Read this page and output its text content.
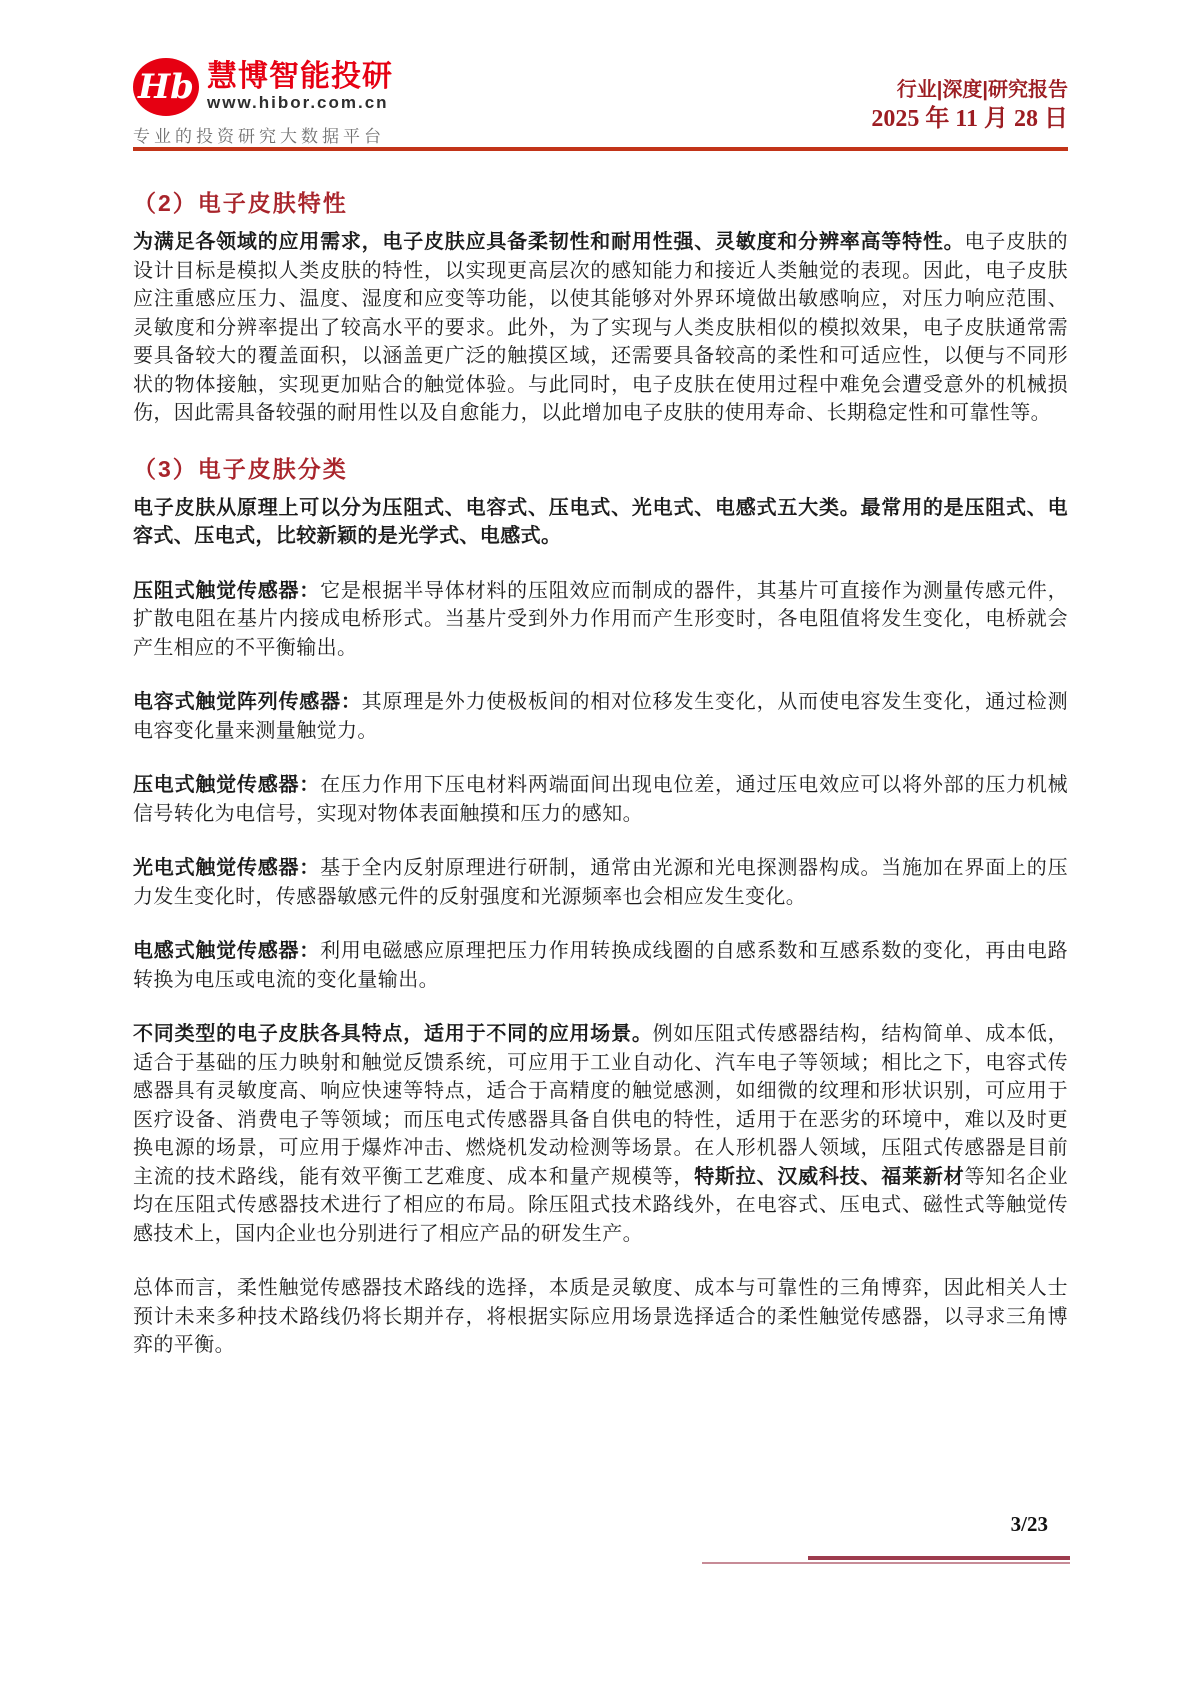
Hb 慧博智能投研
www.hibor.com.cn
专业的投资研究大数据平台
行业|深度|研究报告
2025 年 11 月 28 日
（2）电子皮肤特性

为满足各领域的应用需求，电子皮肤应具备柔韧性和耐用性强、灵敏度和分辨率高等特性。电子皮肤的设计目标是模拟人类皮肤的特性，以实现更高层次的感知能力和接近人类触觉的表现。因此，电子皮肤应注重感应压力、温度、湿度和应变等功能，以使其能够对外界环境做出敏感响应，对压力响应范围、灵敏度和分辨率提出了较高水平的要求。此外，为了实现与人类皮肤相似的模拟效果，电子皮肤通常需要具备较大的覆盖面积，以涵盖更广泛的触摸区域，还需要具备较高的柔性和可适应性，以便与不同形状的物体接触，实现更加贴合的触觉体验。与此同时，电子皮肤在使用过程中难免会遭受意外的机械损伤，因此需具备较强的耐用性以及自愈能力，以此增加电子皮肤的使用寿命、长期稳定性和可靠性等。

（3）电子皮肤分类

电子皮肤从原理上可以分为压阻式、电容式、压电式、光电式、电感式五大类。最常用的是压阻式、电容式、压电式，比较新颖的是光学式、电感式。

压阻式触觉传感器：它是根据半导体材料的压阻效应而制成的器件，其基片可直接作为测量传感元件，扩散电阻在基片内接成电桥形式。当基片受到外力作用而产生形变时，各电阻值将发生变化，电桥就会产生相应的不平衡输出。

电容式触觉阵列传感器：其原理是外力使极板间的相对位移发生变化，从而使电容发生变化，通过检测电容变化量来测量触觉力。

压电式触觉传感器：在压力作用下压电材料两端面间出现电位差，通过压电效应可以将外部的压力机械信号转化为电信号，实现对物体表面触摸和压力的感知。

光电式触觉传感器：基于全内反射原理进行研制，通常由光源和光电探测器构成。当施加在界面上的压力发生变化时，传感器敏感元件的反射强度和光源频率也会相应发生变化。

电感式触觉传感器：利用电磁感应原理把压力作用转换成线圈的自感系数和互感系数的变化，再由电路转换为电压或电流的变化量输出。

不同类型的电子皮肤各具特点，适用于不同的应用场景。例如压阻式传感器结构，结构简单、成本低，适合于基础的压力映射和触觉反馈系统，可应用于工业自动化、汽车电子等领域；相比之下，电容式传感器具有灵敏度高、响应快速等特点，适合于高精度的触觉感测，如细微的纹理和形状识别，可应用于医疗设备、消费电子等领域；而压电式传感器具备自供电的特性，适用于在恶劣的环境中，难以及时更换电源的场景，可应用于爆炸冲击、燃烧机发动检测等场景。在人形机器人领域，压阻式传感器是目前主流的技术路线，能有效平衡工艺难度、成本和量产规模等，特斯拉、汉威科技、福莱新材等知名企业均在压阻式传感器技术进行了相应的布局。除压阻式技术路线外，在电容式、压电式、磁性式等触觉传感技术上，国内企业也分别进行了相应产品的研发生产。

总体而言，柔性触觉传感器技术路线的选择，本质是灵敏度、成本与可靠性的三角博弈，因此相关人士预计未来多种技术路线仍将长期并存，将根据实际应用场景选择适合的柔性触觉传感器，以寻求三角博弈的平衡。

3/23
